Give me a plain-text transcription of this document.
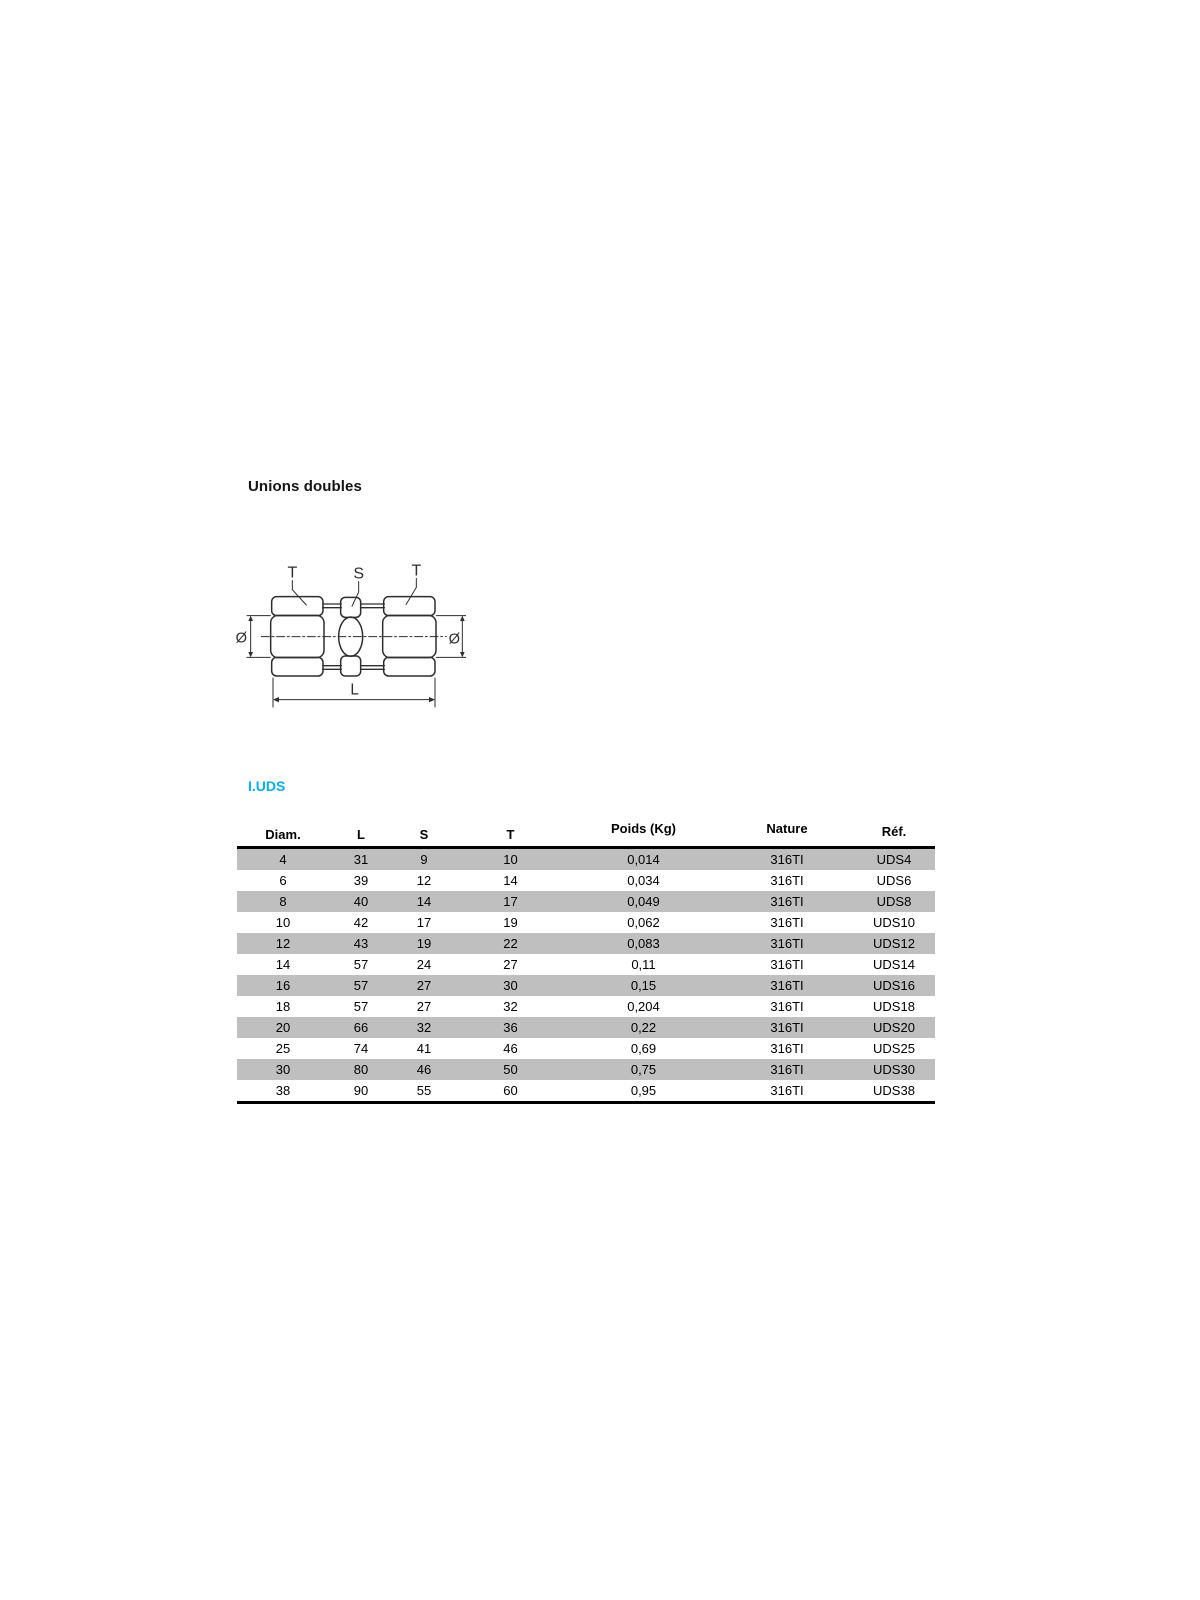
Unions doubles
T S T
Ø	Ø
L
I.UDS
Diam.	L	S	T	Poids (Kg)	Nature	Réf.
4	31	9	10	0,014	316TI	UDS4
6	39	12	14	0,034	316TI	UDS6
8	40	14	17	0,049	316TI	UDS8
10	42	17	19	0,062	316TI	UDS10
12	43	19	22	0,083	316TI	UDS12
14	57	24	27	0,11	316TI	UDS14
16	57	27	30	0,15	316TI	UDS16
18	57	27	32	0,204	316TI	UDS18
20	66	32	36	0,22	316TI	UDS20
25	74	41	46	0,69	316TI	UDS25
30	80	46	50	0,75	316TI	UDS30
38	90	55	60	0,95	316TI	UDS38
